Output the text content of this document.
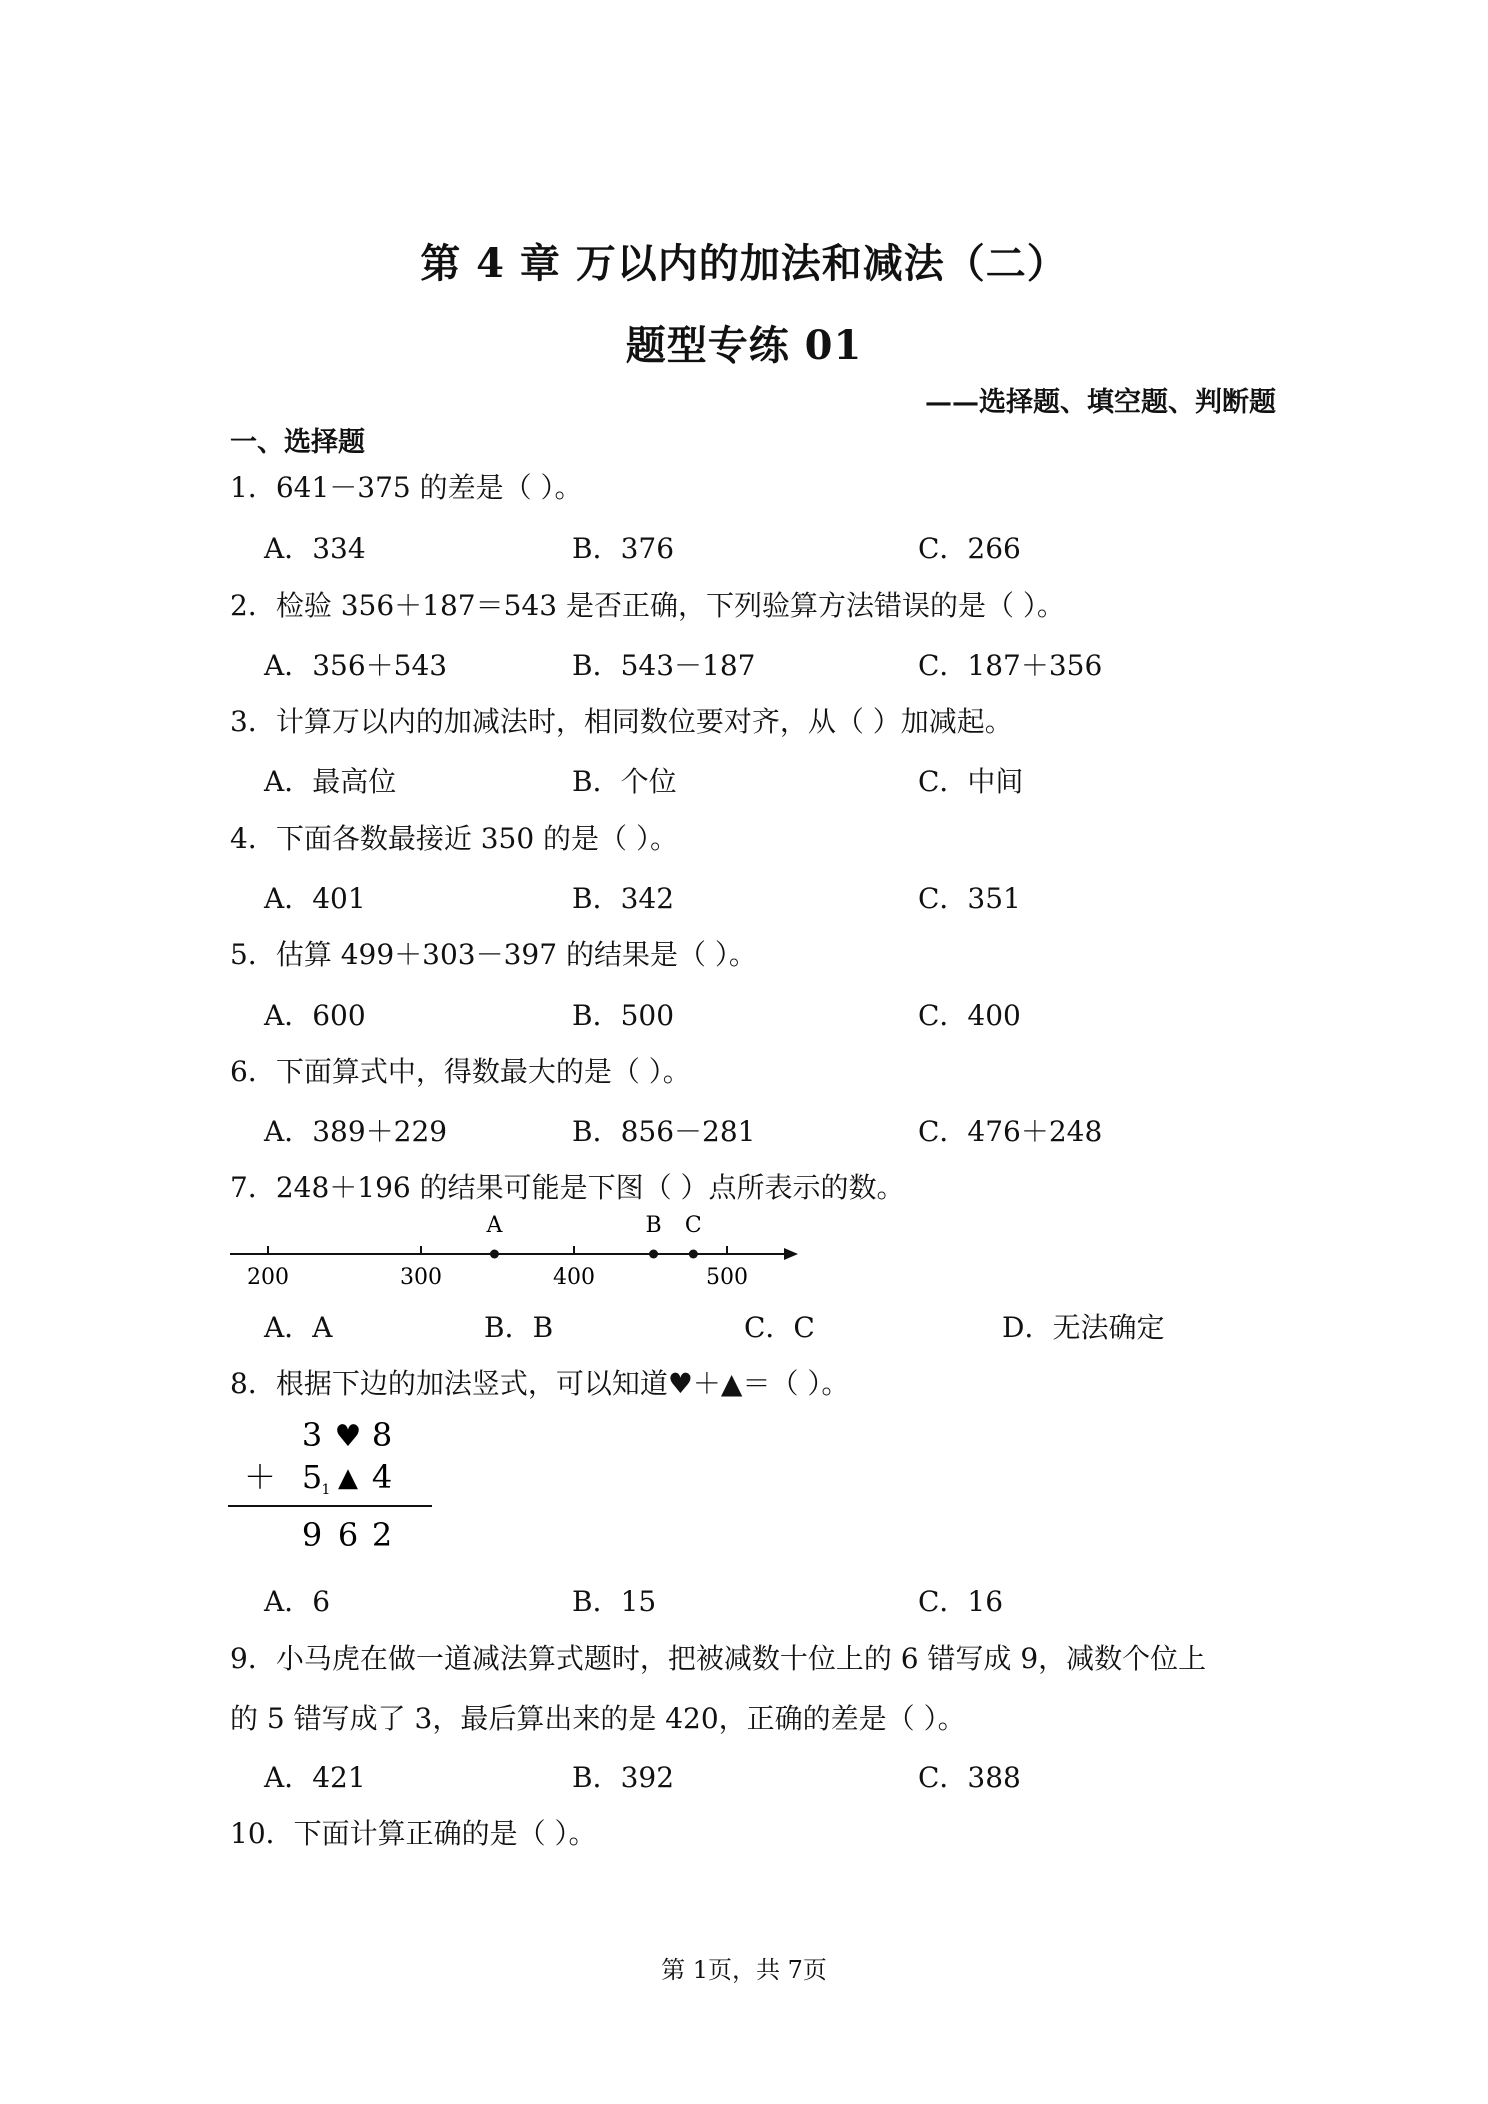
第 4 章 万以内的加法和减法（二）
题型专练 01
——选择题、填空题、判断题
一、选择题
1．641－375 的差是（ ）。
A．334	B．376	C．266
2．检验 356＋187＝543 是否正确，下列验算方法错误的是（ ）。
A．356＋543	B．543－187	C．187＋356
3．计算万以内的加减法时，相同数位要对齐，从（ ）加减起。
A．最高位	B．个位	C．中间
4．下面各数最接近 350 的是（ ）。
A．401	B．342	C．351
5．估算 499＋303－397 的结果是（ ）。
A．600	B．500	C．400
6．下面算式中，得数最大的是（ ）。
A．389＋229	B．856－281	C．476＋248
7．248＋196 的结果可能是下图（ ）点所表示的数。
200	300	400	500
A	B C
A．A	B．B	C．C	D．无法确定
8．根据下边的加法竖式，可以知道♥＋▲＝（ ）。
3 ♥ 8
＋ 5 1 ▲ 4
9 6 2
A．6	B．15	C．16
9．小马虎在做一道减法算式题时，把被减数十位上的 6 错写成 9，减数个位上
的 5 错写成了 3，最后算出来的是 420，正确的差是（ ）。
A．421	B．392	C．388
10．下面计算正确的是（ ）。
第 1页，共 7页
